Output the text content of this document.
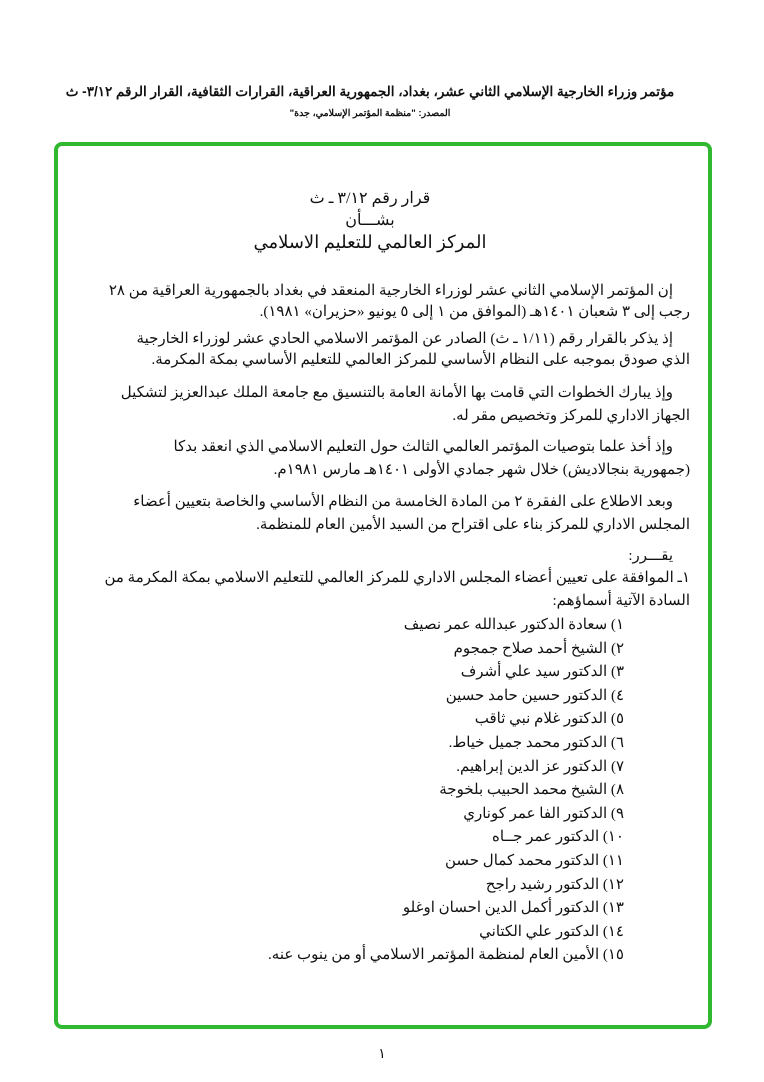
مؤتمر وزراء الخارجية الإسلامي الثاني عشر، بغداد، الجمهورية العراقية، القرارات الثقافية، القرار الرقم ٣/١٢- ث
المصدر: "منظمة المؤتمر الإسلامي، جدة"
قرار رقم ٣/١٢ ـ ث
بشـــأن
المركز العالمي للتعليم الاسلامي
إن المؤتمر الإسلامي الثاني عشر لوزراء الخارجية المنعقد في بغداد بالجمهورية العراقية من ٢٨
رجب إلى ٣ شعبان ١٤٠١هـ (الموافق من ١ إلى ٥ يونيو «حزيران» ١٩٨١).
إذ يذكر بالقرار رقم (١/١١ ـ ث) الصادر عن المؤتمر الاسلامي الحادي عشر لوزراء الخارجية
الذي صودق بموجبه على النظام الأساسي للمركز العالمي للتعليم الأساسي بمكة المكرمة.
وإذ يبارك الخطوات التي قامت بها الأمانة العامة بالتنسيق مع جامعة الملك عبدالعزيز لتشكيل
الجهاز الاداري للمركز وتخصيص مقر له.
وإذ أخذ علما بتوصيات المؤتمر العالمي الثالث حول التعليم الاسلامي الذي انعقد بدكا
(جمهورية بنجالاديش) خلال شهر جمادي الأولى ١٤٠١هـ مارس ١٩٨١م.
وبعد الاطلاع على الفقرة ٢ من المادة الخامسة من النظام الأساسي والخاصة بتعيين أعضاء
المجلس الاداري للمركز بناء على اقتراح من السيد الأمين العام للمنظمة.
يقـــرر:
١ـ الموافقة على تعيين أعضاء المجلس الاداري للمركز العالمي للتعليم الاسلامي بمكة المكرمة من
السادة الآتية أسماؤهم:
١) سعادة الدكتور عبدالله عمر نصيف
٢) الشيخ أحمد صلاح جمجوم
٣) الدكتور سيد علي أشرف
٤) الدكتور حسين حامد حسين
٥) الدكتور غلام نبي ثاقب
٦) الدكتور محمد جميل خياط.
٧) الدكتور عز الدين إبراهيم.
٨) الشيخ محمد الحبيب بلخوجة
٩) الدكتور الفا عمر كوناري
١٠) الدكتور عمر جــاه
١١) الدكتور محمد كمال حسن
١٢) الدكتور رشيد راجح
١٣) الدكتور أكمل الدين احسان اوغلو
١٤) الدكتور علي الكتاني
١٥) الأمين العام لمنظمة المؤتمر الاسلامي أو من ينوب عنه.
١
